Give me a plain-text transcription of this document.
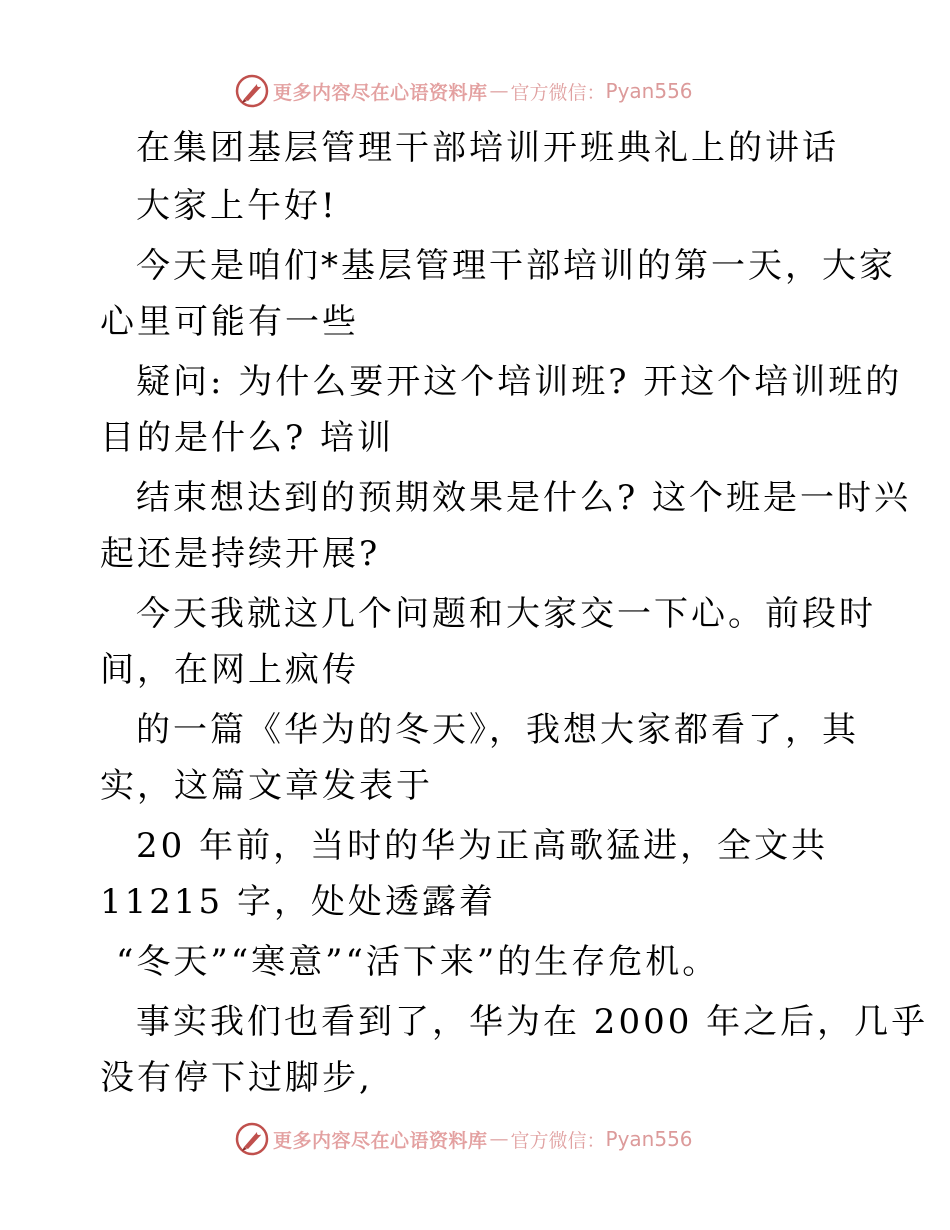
更多内容尽在心语资料库 — 官方微信： Pyan556
在集团基层管理干部培训开班典礼上的讲话
大家上午好!
今天是咱们*基层管理干部培训的第一天，大家
心里可能有一些
疑问: 为什么要开这个培训班? 开这个培训班的
目的是什么? 培训
结束想达到的预期效果是什么? 这个班是一时兴
起还是持续开展?
今天我就这几个问题和大家交一下心。前段时
间，在网上疯传
的一篇《华为的冬天》，我想大家都看了，其
实，这篇文章发表于
20 年前，当时的华为正高歌猛进，全文共
11215 字，处处透露着
“冬天”“寒意”“活下来”的生存危机。
事实我们也看到了，华为在 2000 年之后，几乎
没有停下过脚步,
更多内容尽在心语资料库 — 官方微信： Pyan556
